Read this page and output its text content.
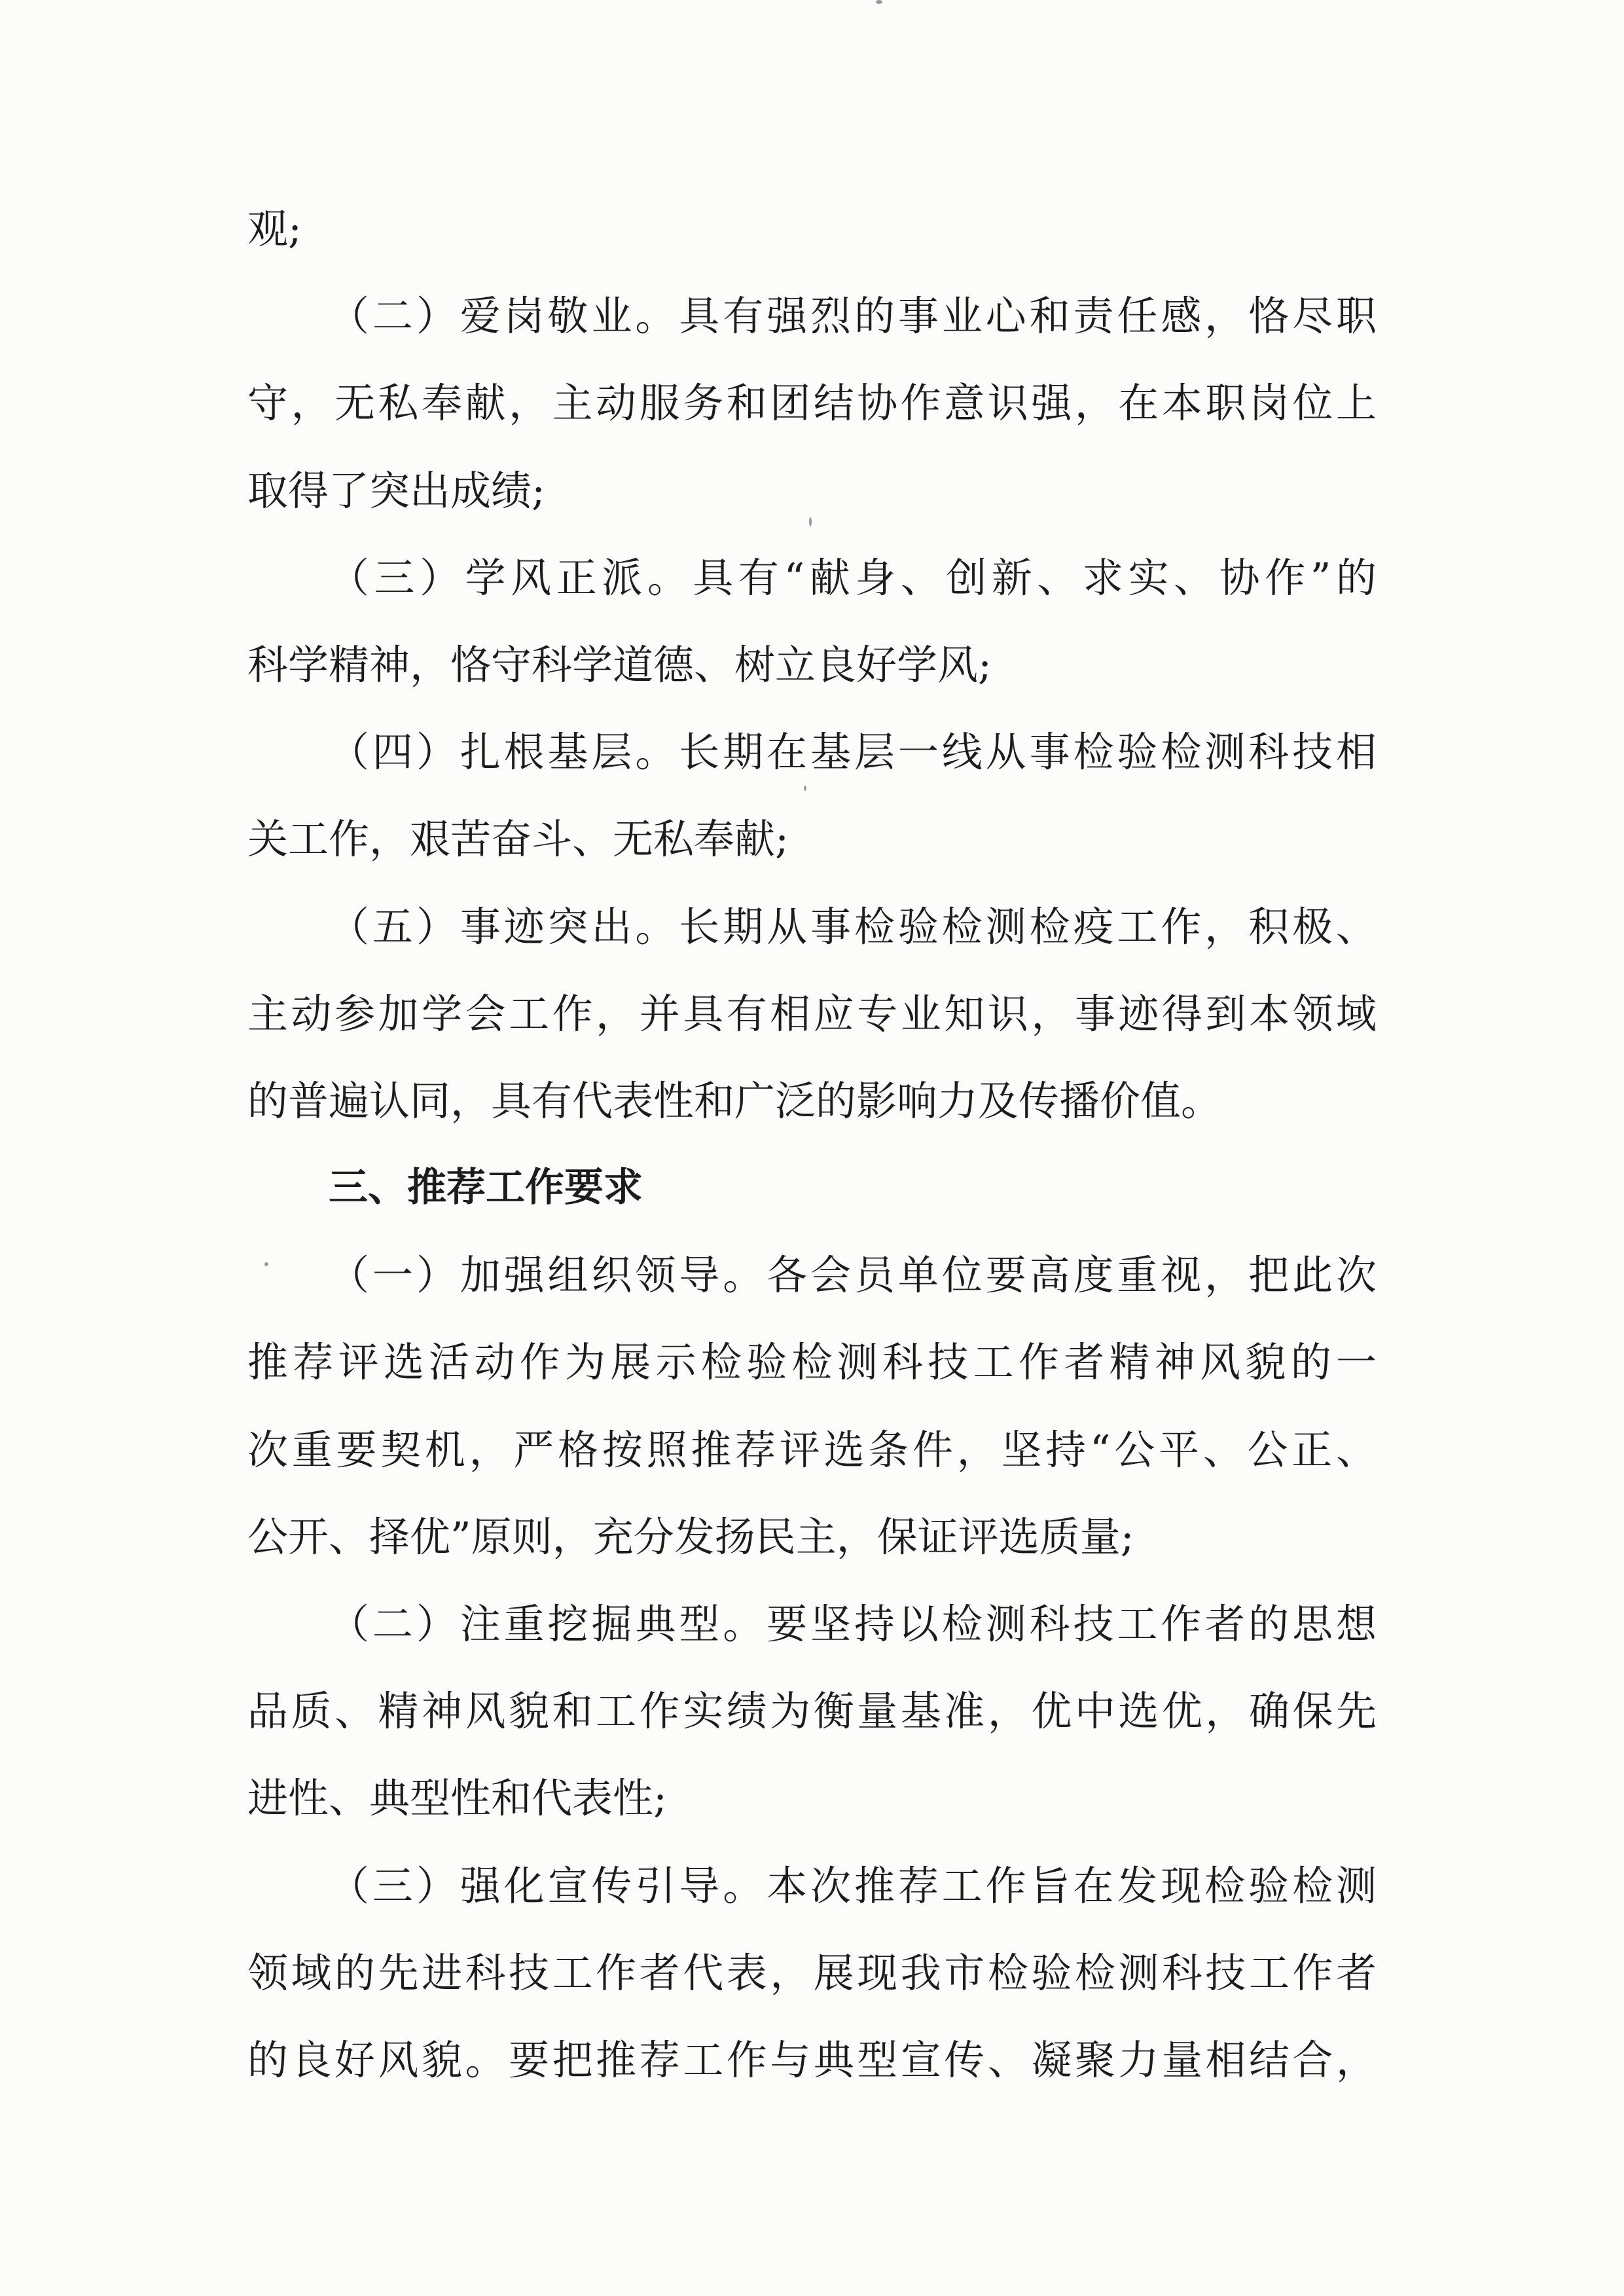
观;
（二）爱岗敬业。具有强烈的事业心和责任感，恪尽职
守，无私奉献，主动服务和团结协作意识强，在本职岗位上
取得了突出成绩;
（三）学风正派。具有“献身、创新、求实、协作”的
科学精神，恪守科学道德、树立良好学风;
（四）扎根基层。长期在基层一线从事检验检测科技相
关工作，艰苦奋斗、无私奉献;
（五）事迹突出。长期从事检验检测检疫工作，积极、
主动参加学会工作，并具有相应专业知识，事迹得到本领域
的普遍认同，具有代表性和广泛的影响力及传播价值。
三、推荐工作要求
（一）加强组织领导。各会员单位要高度重视，把此次
推荐评选活动作为展示检验检测科技工作者精神风貌的一
次重要契机，严格按照推荐评选条件，坚持“公平、公正、
公开、择优”原则，充分发扬民主，保证评选质量;
（二）注重挖掘典型。要坚持以检测科技工作者的思想
品质、精神风貌和工作实绩为衡量基准，优中选优，确保先
进性、典型性和代表性;
（三）强化宣传引导。本次推荐工作旨在发现检验检测
领域的先进科技工作者代表，展现我市检验检测科技工作者
的良好风貌。要把推荐工作与典型宣传、凝聚力量相结合，
